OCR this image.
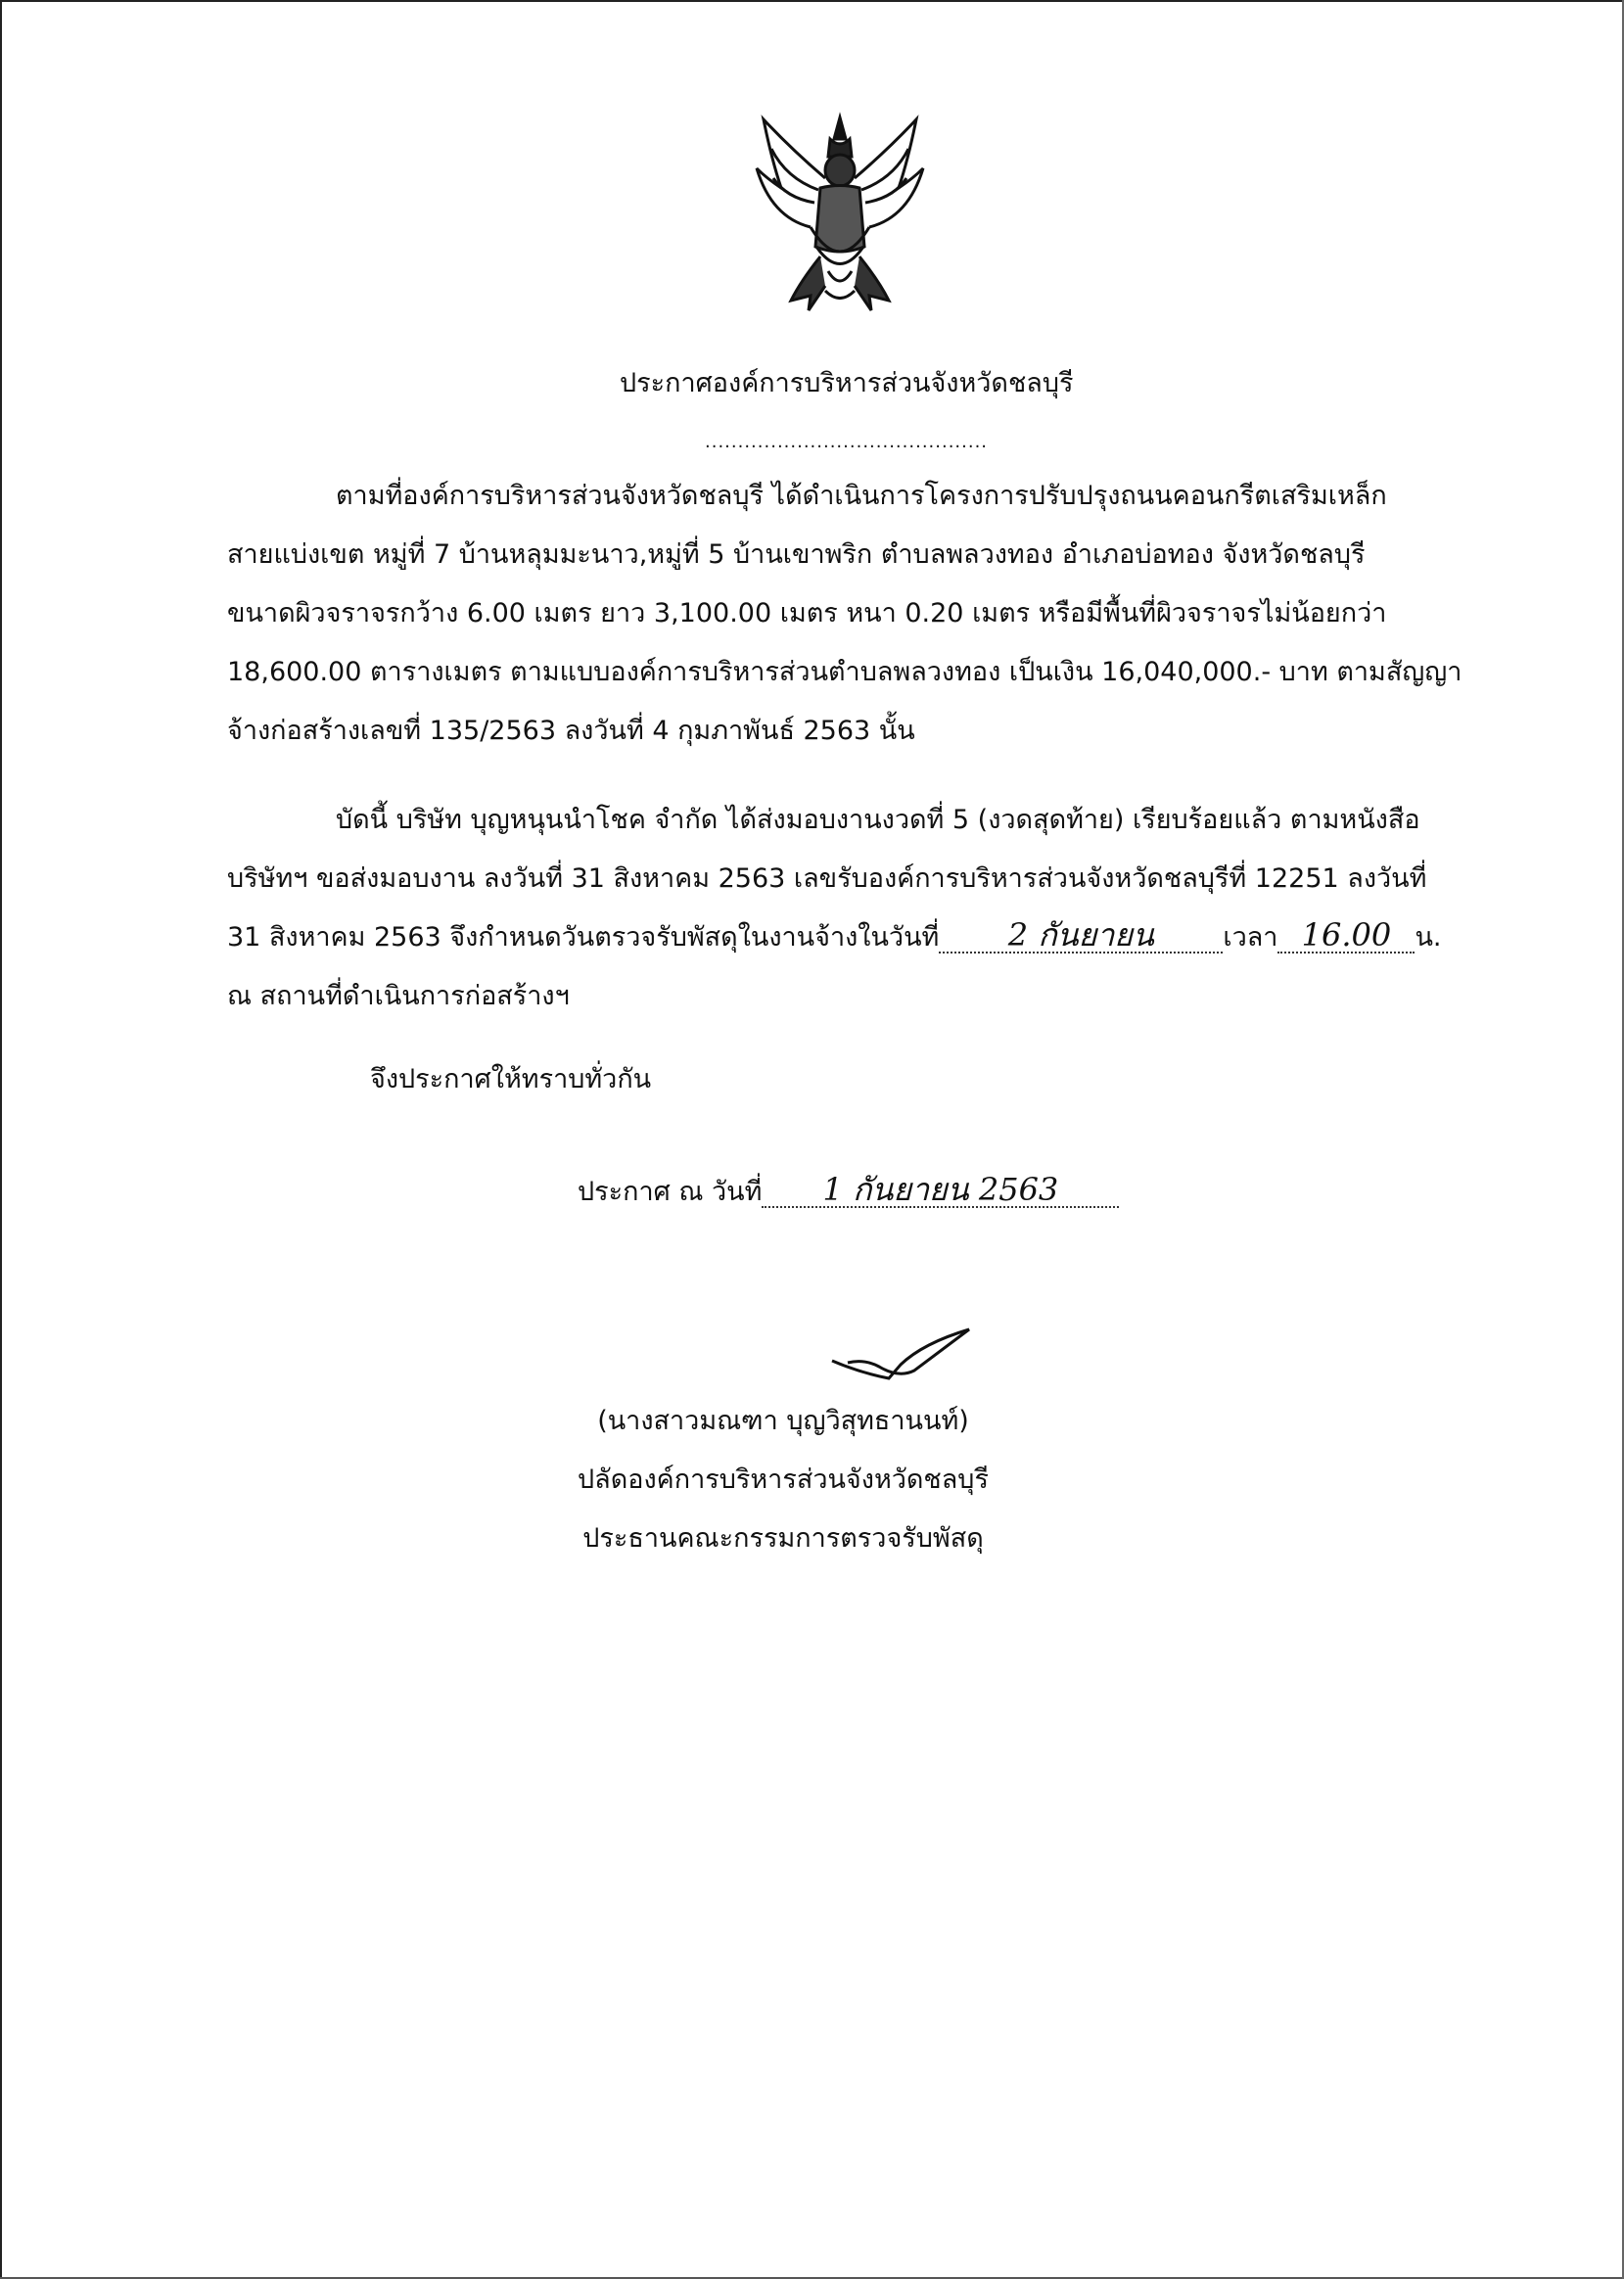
ประกาศองค์การบริหารส่วนจังหวัดชลบุรี
...........................................
ตามที่องค์การบริหารส่วนจังหวัดชลบุรี ได้ดำเนินการโครงการปรับปรุงถนนคอนกรีตเสริมเหล็ก
สายแบ่งเขต หมู่ที่ 7 บ้านหลุมมะนาว,หมู่ที่ 5 บ้านเขาพริก ตำบลพลวงทอง อำเภอบ่อทอง จังหวัดชลบุรี
ขนาดผิวจราจรกว้าง 6.00 เมตร ยาว 3,100.00 เมตร หนา 0.20 เมตร หรือมีพื้นที่ผิวจราจรไม่น้อยกว่า
18,600.00 ตารางเมตร ตามแบบองค์การบริหารส่วนตำบลพลวงทอง เป็นเงิน 16,040,000.- บาท ตามสัญญา
จ้างก่อสร้างเลขที่ 135/2563 ลงวันที่ 4 กุมภาพันธ์ 2563 นั้น
บัดนี้ บริษัท บุญหนุนนำโชค จำกัด ได้ส่งมอบงานงวดที่ 5 (งวดสุดท้าย) เรียบร้อยแล้ว ตามหนังสือ
บริษัทฯ ขอส่งมอบงาน ลงวันที่ 31 สิงหาคม 2563 เลขรับองค์การบริหารส่วนจังหวัดชลบุรีที่ 12251 ลงวันที่
31 สิงหาคม 2563 จึงกำหนดวันตรวจรับพัสดุในงานจ้างในวันที่ 2 กันยายน	เวลา 16.00 น.
ณ สถานที่ดำเนินการก่อสร้างฯ
จึงประกาศให้ทราบทั่วกัน
ประกาศ ณ วันที่ 1 กันยายน 2563
(นางสาวมณฑา บุญวิสุทธานนท์)
ปลัดองค์การบริหารส่วนจังหวัดชลบุรี
ประธานคณะกรรมการตรวจรับพัสดุ
